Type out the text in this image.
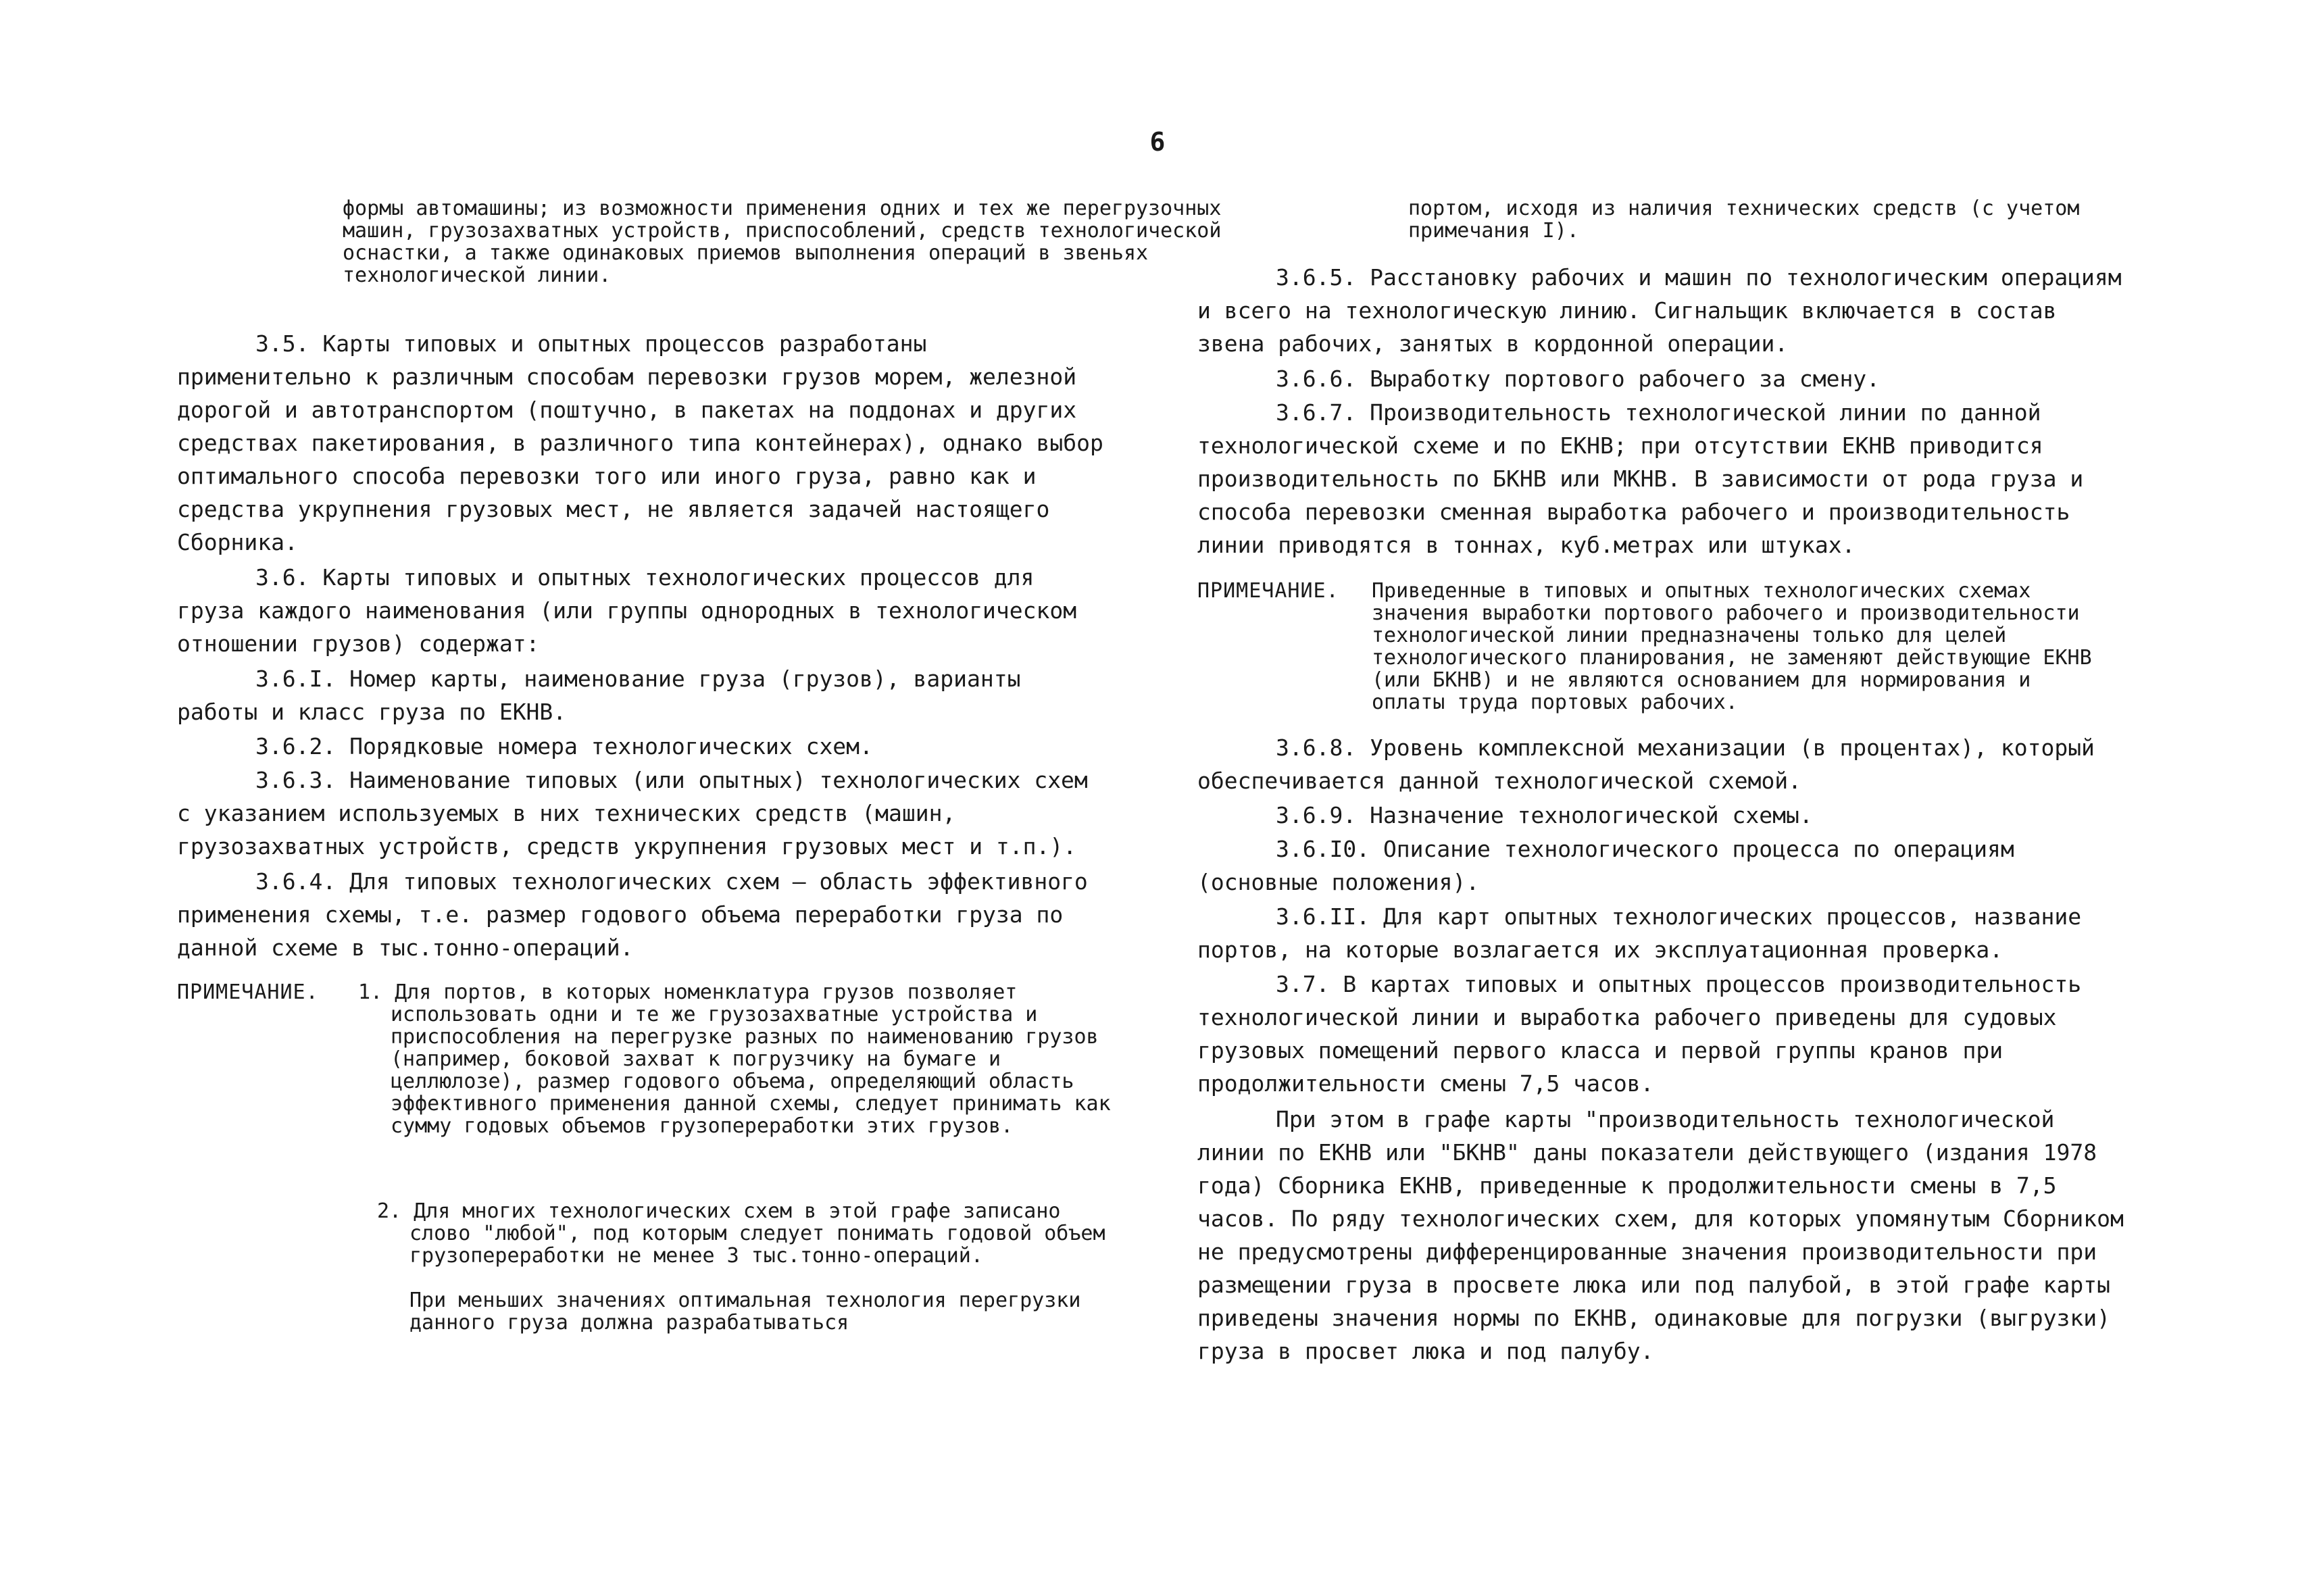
6

формы автомашины; из возможности применения одних и тех же перегрузочных машин, грузозахватных устройств, приспособлений, средств технологической оснастки, а также одинаковых приемов выполнения операций в звеньях технологической линии.

3.5. Карты типовых и опытных процессов разработаны применительно к различным способам перевозки грузов морем, железной дорогой и автотранспортом (поштучно, в пакетах на поддонах и других средствах пакетирования, в различного типа контейнерах), однако выбор оптимального способа перевозки того или иного груза, равно как и средства укрупнения грузовых мест, не является задачей настоящего Сборника.

3.6. Карты типовых и опытных технологических процессов для груза каждого наименования (или группы однородных в технологическом отношении грузов) содержат:

3.6.I. Номер карты, наименование груза (грузов), варианты работы и класс груза по ЕКНВ.

3.6.2. Порядковые номера технологических схем.

3.6.3. Наименование типовых (или опытных) технологических схем с указанием используемых в них технических средств (машин, грузозахватных устройств, средств укрупнения грузовых мест и т.п.).

3.6.4. Для типовых технологических схем – область эффективного применения схемы, т.е. размер годового объема переработки груза по данной схеме в тыс.тонно-операций.

ПРИМЕЧАНИЕ. 1. Для портов, в которых номенклатура грузов позволяет использовать одни и те же грузозахватные устройства и приспособления на перегрузке разных по наименованию грузов (например, боковой захват к погрузчику на бумаге и целлюлозе), размер годового объема, определяющий область эффективного применения данной схемы, следует принимать как сумму годовых объемов грузопереработки этих грузов.

2. Для многих технологических схем в этой графе записано слово "любой", под которым следует понимать годовой объем грузопереработки не менее 3 тыс.тонно-операций.

При меньших значениях оптимальная технология перегрузки данного груза должна разрабатываться

портом, исходя из наличия технических средств (с учетом примечания I).

3.6.5. Расстановку рабочих и машин по технологическим операциям и всего на технологическую линию. Сигнальщик включается в состав звена рабочих, занятых в кордонной операции.

3.6.6. Выработку портового рабочего за смену.

3.6.7. Производительность технологической линии по данной технологической схеме и по ЕКНВ; при отсутствии ЕКНВ приводится производительность по БКНВ или МКНВ. В зависимости от рода груза и способа перевозки сменная выработка рабочего и производительность линии приводятся в тоннах, куб.метрах или штуках.

ПРИМЕЧАНИЕ. Приведенные в типовых и опытных технологических схемах значения выработки портового рабочего и производительности технологической линии предназначены только для целей технологического планирования, не заменяют действующие ЕКНВ (или БКНВ) и не являются основанием для нормирования и оплаты труда портовых рабочих.

3.6.8. Уровень комплексной механизации (в процентах), который обеспечивается данной технологической схемой.

3.6.9. Назначение технологической схемы.

3.6.I0. Описание технологического процесса по операциям (основные положения).

3.6.II. Для карт опытных технологических процессов, название портов, на которые возлагается их эксплуатационная проверка.

3.7. В картах типовых и опытных процессов производительность технологической линии и выработка рабочего приведены для судовых грузовых помещений первого класса и первой группы кранов при продолжительности смены 7,5 часов.

При этом в графе карты "производительность технологической линии по ЕКНВ или "БКНВ" даны показатели действующего (издания 1978 года) Сборника ЕКНВ, приведенные к продолжительности смены в 7,5 часов. По ряду технологических схем, для которых упомянутым Сборником не предусмотрены дифференцированные значения производительности при размещении груза в просвете люка или под палубой, в этой графе карты приведены значения нормы по ЕКНВ, одинаковые для погрузки (выгрузки) груза в просвет люка и под палубу.
